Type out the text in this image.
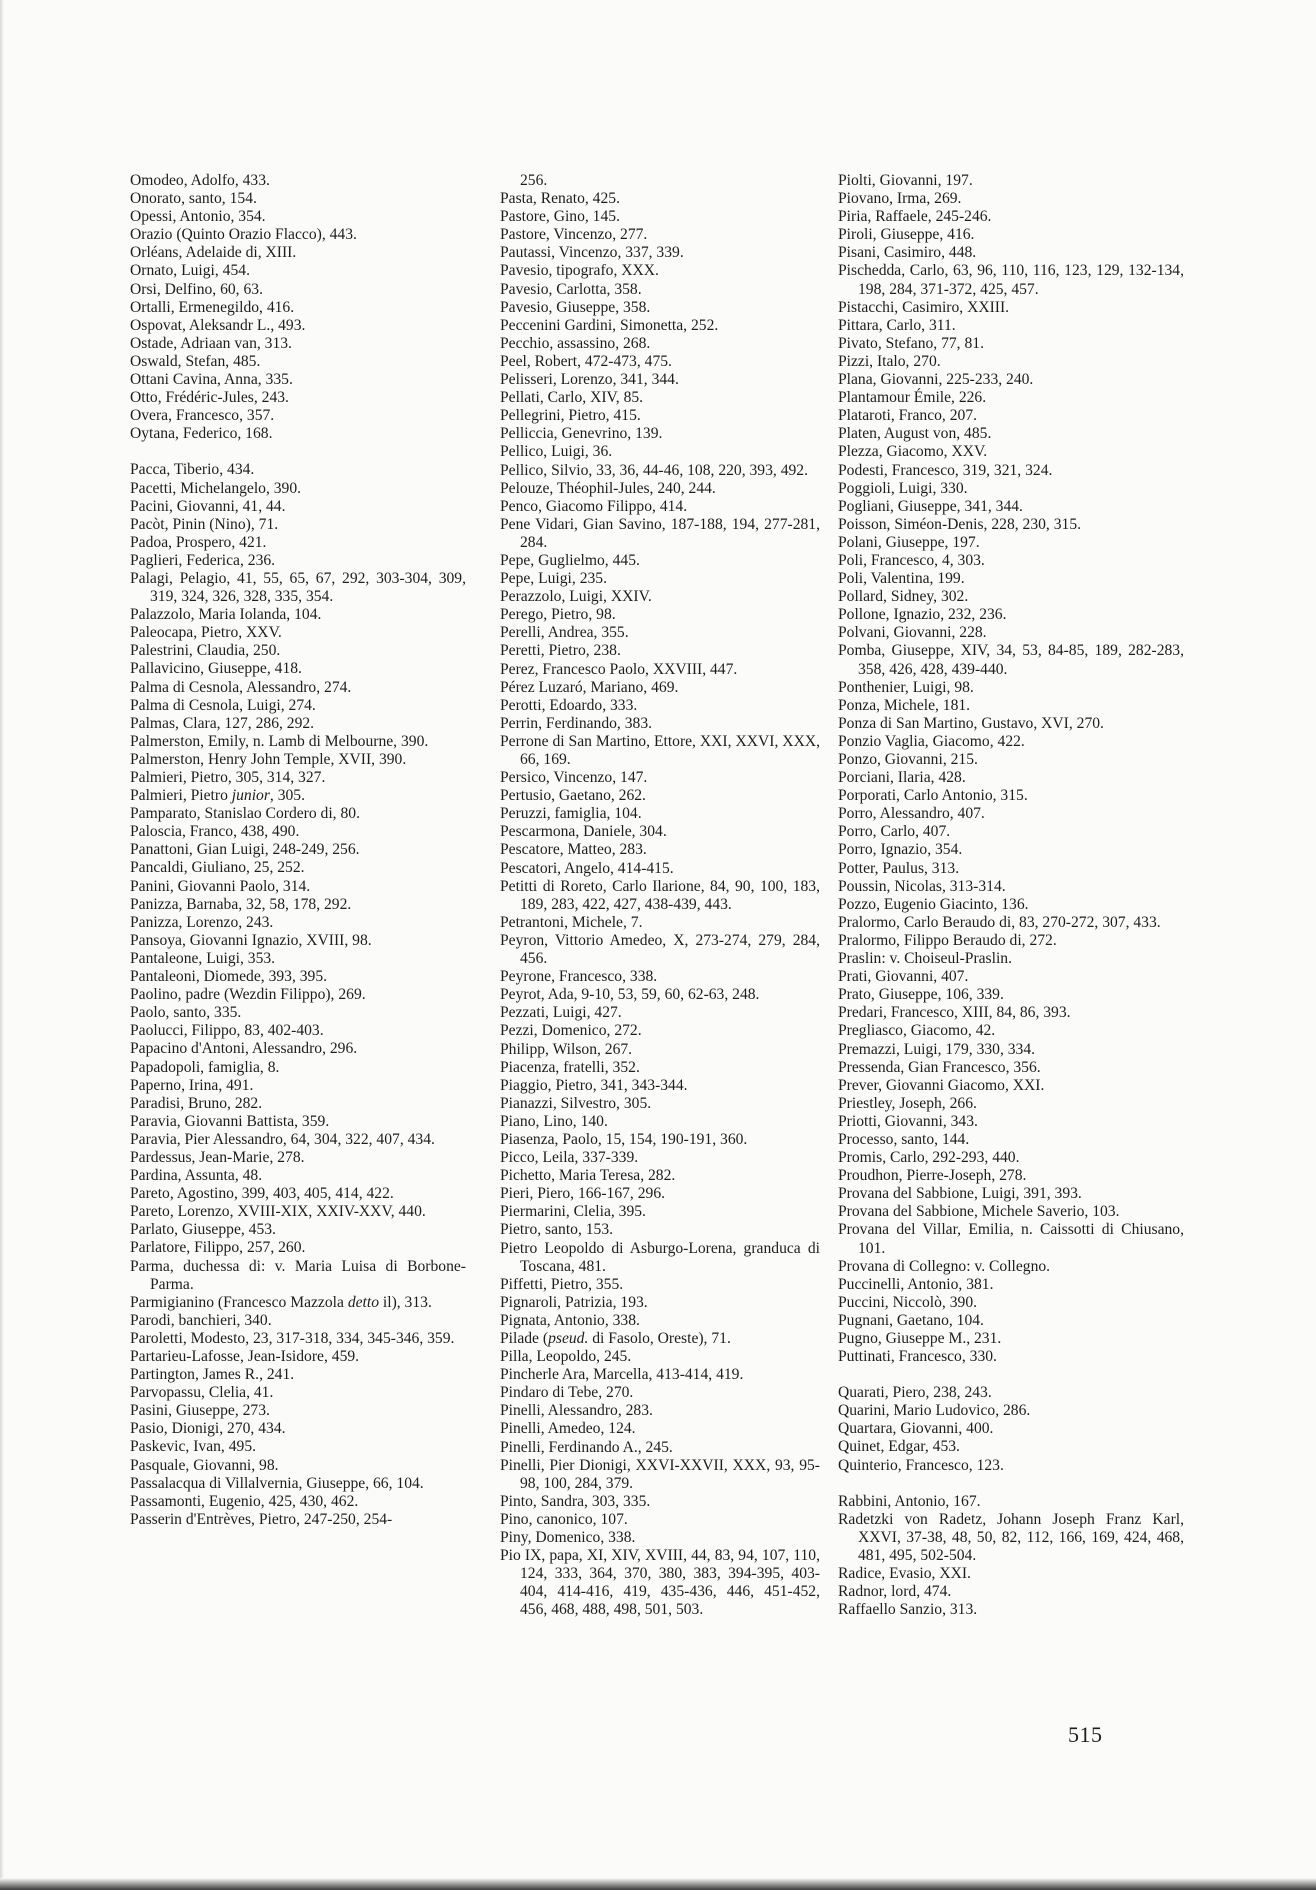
Omodeo, Adolfo, 433.
Onorato, santo, 154.
Opessi, Antonio, 354.
Orazio (Quinto Orazio Flacco), 443.
Orléans, Adelaide di, XIII.
Ornato, Luigi, 454.
Orsi, Delfino, 60, 63.
Ortalli, Ermenegildo, 416.
Ospovat, Aleksandr L., 493.
Ostade, Adriaan van, 313.
Oswald, Stefan, 485.
Ottani Cavina, Anna, 335.
Otto, Frédéric-Jules, 243.
Overa, Francesco, 357.
Oytana, Federico, 168.
Pacca, Tiberio, 434.
Pacetti, Michelangelo, 390.
Pacini, Giovanni, 41, 44.
Pacòt, Pinin (Nino), 71.
Padoa, Prospero, 421.
Paglieri, Federica, 236.
Palagi, Pelagio, 41, 55, 65, 67, 292, 303-304, 309, 319, 324, 326, 328, 335, 354.
Palazzolo, Maria Iolanda, 104.
Paleocapa, Pietro, XXV.
Palestrini, Claudia, 250.
Pallavicino, Giuseppe, 418.
Palma di Cesnola, Alessandro, 274.
Palma di Cesnola, Luigi, 274.
Palmas, Clara, 127, 286, 292.
Palmerston, Emily, n. Lamb di Melbourne, 390.
Palmerston, Henry John Temple, XVII, 390.
Palmieri, Pietro, 305, 314, 327.
Palmieri, Pietro junior, 305.
Pamparato, Stanislao Cordero di, 80.
Paloscia, Franco, 438, 490.
Panattoni, Gian Luigi, 248-249, 256.
Pancaldi, Giuliano, 25, 252.
Panini, Giovanni Paolo, 314.
Panizza, Barnaba, 32, 58, 178, 292.
Panizza, Lorenzo, 243.
Pansoya, Giovanni Ignazio, XVIII, 98.
Pantaleone, Luigi, 353.
Pantaleoni, Diomede, 393, 395.
Paolino, padre (Wezdin Filippo), 269.
Paolo, santo, 335.
Paolucci, Filippo, 83, 402-403.
Papacino d'Antoni, Alessandro, 296.
Papadopoli, famiglia, 8.
Paperno, Irina, 491.
Paradisi, Bruno, 282.
Paravia, Giovanni Battista, 359.
Paravia, Pier Alessandro, 64, 304, 322, 407, 434.
Pardessus, Jean-Marie, 278.
Pardina, Assunta, 48.
Pareto, Agostino, 399, 403, 405, 414, 422.
Pareto, Lorenzo, XVIII-XIX, XXIV-XXV, 440.
Parlato, Giuseppe, 453.
Parlatore, Filippo, 257, 260.
Parma, duchessa di: v. Maria Luisa di Borbone-Parma.
Parmigianino (Francesco Mazzola detto il), 313.
Parodi, banchieri, 340.
Paroletti, Modesto, 23, 317-318, 334, 345-346, 359.
Partarieu-Lafosse, Jean-Isidore, 459.
Partington, James R., 241.
Parvopassu, Clelia, 41.
Pasini, Giuseppe, 273.
Pasio, Dionigi, 270, 434.
Paskevic, Ivan, 495.
Pasquale, Giovanni, 98.
Passalacqua di Villalvernia, Giuseppe, 66, 104.
Passamonti, Eugenio, 425, 430, 462.
Passerin d'Entrèves, Pietro, 247-250, 254-
256.
Pasta, Renato, 425.
Pastore, Gino, 145.
Pastore, Vincenzo, 277.
Pautassi, Vincenzo, 337, 339.
Pavesio, tipografo, XXX.
Pavesio, Carlotta, 358.
Pavesio, Giuseppe, 358.
Peccenini Gardini, Simonetta, 252.
Pecchio, assassino, 268.
Peel, Robert, 472-473, 475.
Pelisseri, Lorenzo, 341, 344.
Pellati, Carlo, XIV, 85.
Pellegrini, Pietro, 415.
Pelliccia, Genevrino, 139.
Pellico, Luigi, 36.
Pellico, Silvio, 33, 36, 44-46, 108, 220, 393, 492.
Pelouze, Théophil-Jules, 240, 244.
Penco, Giacomo Filippo, 414.
Pene Vidari, Gian Savino, 187-188, 194, 277-281, 284.
Pepe, Guglielmo, 445.
Pepe, Luigi, 235.
Perazzolo, Luigi, XXIV.
Perego, Pietro, 98.
Perelli, Andrea, 355.
Peretti, Pietro, 238.
Perez, Francesco Paolo, XXVIII, 447.
Pérez Luzaró, Mariano, 469.
Perotti, Edoardo, 333.
Perrin, Ferdinando, 383.
Perrone di San Martino, Ettore, XXI, XXVI, XXX, 66, 169.
Persico, Vincenzo, 147.
Pertusio, Gaetano, 262.
Peruzzi, famiglia, 104.
Pescarmona, Daniele, 304.
Pescatore, Matteo, 283.
Pescatori, Angelo, 414-415.
Petitti di Roreto, Carlo Ilarione, 84, 90, 100, 183, 189, 283, 422, 427, 438-439, 443.
Petrantoni, Michele, 7.
Peyron, Vittorio Amedeo, X, 273-274, 279, 284, 456.
Peyrone, Francesco, 338.
Peyrot, Ada, 9-10, 53, 59, 60, 62-63, 248.
Pezzati, Luigi, 427.
Pezzi, Domenico, 272.
Philipp, Wilson, 267.
Piacenza, fratelli, 352.
Piaggio, Pietro, 341, 343-344.
Pianazzi, Silvestro, 305.
Piano, Lino, 140.
Piasenza, Paolo, 15, 154, 190-191, 360.
Picco, Leila, 337-339.
Pichetto, Maria Teresa, 282.
Pieri, Piero, 166-167, 296.
Piermarini, Clelia, 395.
Pietro, santo, 153.
Pietro Leopoldo di Asburgo-Lorena, granduca di Toscana, 481.
Piffetti, Pietro, 355.
Pignaroli, Patrizia, 193.
Pignata, Antonio, 338.
Pilade (pseud. di Fasolo, Oreste), 71.
Pilla, Leopoldo, 245.
Pincherle Ara, Marcella, 413-414, 419.
Pindaro di Tebe, 270.
Pinelli, Alessandro, 283.
Pinelli, Amedeo, 124.
Pinelli, Ferdinando A., 245.
Pinelli, Pier Dionigi, XXVI-XXVII, XXX, 93, 95-98, 100, 284, 379.
Pinto, Sandra, 303, 335.
Pino, canonico, 107.
Piny, Domenico, 338.
Pio IX, papa, XI, XIV, XVIII, 44, 83, 94, 107, 110, 124, 333, 364, 370, 380, 383, 394-395, 403-404, 414-416, 419, 435-436, 446, 451-452, 456, 468, 488, 498, 501, 503.
Piolti, Giovanni, 197.
Piovano, Irma, 269.
Piria, Raffaele, 245-246.
Piroli, Giuseppe, 416.
Pisani, Casimiro, 448.
Pischedda, Carlo, 63, 96, 110, 116, 123, 129, 132-134, 198, 284, 371-372, 425, 457.
Pistacchi, Casimiro, XXIII.
Pittara, Carlo, 311.
Pivato, Stefano, 77, 81.
Pizzi, Italo, 270.
Plana, Giovanni, 225-233, 240.
Plantamour Émile, 226.
Plataroti, Franco, 207.
Platen, August von, 485.
Plezza, Giacomo, XXV.
Podesti, Francesco, 319, 321, 324.
Poggioli, Luigi, 330.
Pogliani, Giuseppe, 341, 344.
Poisson, Siméon-Denis, 228, 230, 315.
Polani, Giuseppe, 197.
Poli, Francesco, 4, 303.
Poli, Valentina, 199.
Pollard, Sidney, 302.
Pollone, Ignazio, 232, 236.
Polvani, Giovanni, 228.
Pomba, Giuseppe, XIV, 34, 53, 84-85, 189, 282-283, 358, 426, 428, 439-440.
Ponthenier, Luigi, 98.
Ponza, Michele, 181.
Ponza di San Martino, Gustavo, XVI, 270.
Ponzio Vaglia, Giacomo, 422.
Ponzo, Giovanni, 215.
Porciani, Ilaria, 428.
Porporati, Carlo Antonio, 315.
Porro, Alessandro, 407.
Porro, Carlo, 407.
Porro, Ignazio, 354.
Potter, Paulus, 313.
Poussin, Nicolas, 313-314.
Pozzo, Eugenio Giacinto, 136.
Pralormo, Carlo Beraudo di, 83, 270-272, 307, 433.
Pralormo, Filippo Beraudo di, 272.
Praslin: v. Choiseul-Praslin.
Prati, Giovanni, 407.
Prato, Giuseppe, 106, 339.
Predari, Francesco, XIII, 84, 86, 393.
Pregliasco, Giacomo, 42.
Premazzi, Luigi, 179, 330, 334.
Pressenda, Gian Francesco, 356.
Prever, Giovanni Giacomo, XXI.
Priestley, Joseph, 266.
Priotti, Giovanni, 343.
Processo, santo, 144.
Promis, Carlo, 292-293, 440.
Proudhon, Pierre-Joseph, 278.
Provana del Sabbione, Luigi, 391, 393.
Provana del Sabbione, Michele Saverio, 103.
Provana del Villar, Emilia, n. Caissotti di Chiusano, 101.
Provana di Collegno: v. Collegno.
Puccinelli, Antonio, 381.
Puccini, Niccolò, 390.
Pugnani, Gaetano, 104.
Pugno, Giuseppe M., 231.
Puttinati, Francesco, 330.
Quarati, Piero, 238, 243.
Quarini, Mario Ludovico, 286.
Quartara, Giovanni, 400.
Quinet, Edgar, 453.
Quinterio, Francesco, 123.
Rabbini, Antonio, 167.
Radetzki von Radetz, Johann Joseph Franz Karl, XXVI, 37-38, 48, 50, 82, 112, 166, 169, 424, 468, 481, 495, 502-504.
Radice, Evasio, XXI.
Radnor, lord, 474.
Raffaello Sanzio, 313.
515
